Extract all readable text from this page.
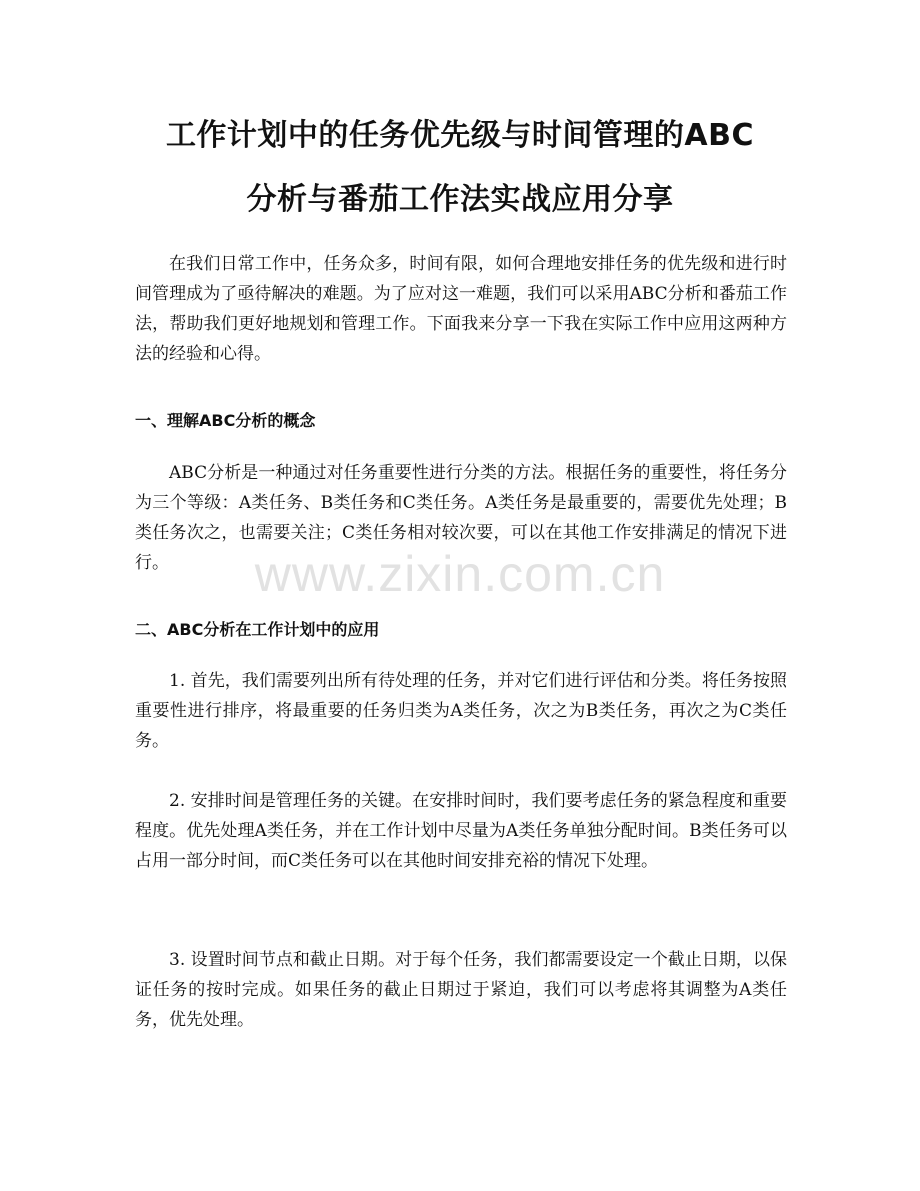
www.zixin.com.cn
工作计划中的任务优先级与时间管理的ABC
分析与番茄工作法实战应用分享

在我们日常工作中，任务众多，时间有限，如何合理地安排任务的优先级和进行时间管理成为了亟待解决的难题。为了应对这一难题，我们可以采用ABC分析和番茄工作法，帮助我们更好地规划和管理工作。下面我来分享一下我在实际工作中应用这两种方法的经验和心得。

一、理解ABC分析的概念

ABC分析是一种通过对任务重要性进行分类的方法。根据任务的重要性，将任务分为三个等级：A类任务、B类任务和C类任务。A类任务是最重要的，需要优先处理；B类任务次之，也需要关注；C类任务相对较次要，可以在其他工作安排满足的情况下进行。

二、ABC分析在工作计划中的应用

1. 首先，我们需要列出所有待处理的任务，并对它们进行评估和分类。将任务按照重要性进行排序，将最重要的任务归类为A类任务，次之为B类任务，再次之为C类任务。

2. 安排时间是管理任务的关键。在安排时间时，我们要考虑任务的紧急程度和重要程度。优先处理A类任务，并在工作计划中尽量为A类任务单独分配时间。B类任务可以占用一部分时间，而C类任务可以在其他时间安排充裕的情况下处理。

3. 设置时间节点和截止日期。对于每个任务，我们都需要设定一个截止日期，以保证任务的按时完成。如果任务的截止日期过于紧迫，我们可以考虑将其调整为A类任务，优先处理。
